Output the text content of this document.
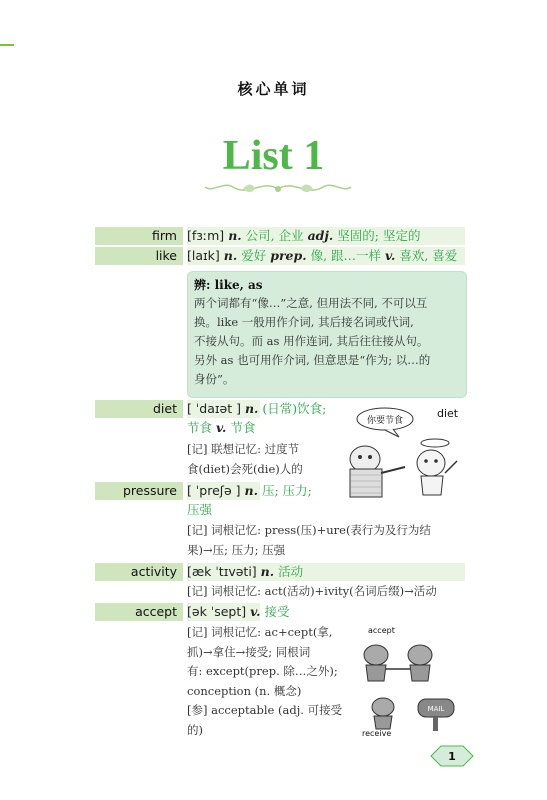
核心单词
List 1
firm [fɜːm] n. 公司, 企业 adj. 坚固的; 坚定的
like [laɪk] n. 爱好 prep. 像, 跟…一样 v. 喜欢, 喜爱
辨: like, as
两个词都有“像…”之意, 但用法不同, 不可以互
换。like 一般用作介词, 其后接名词或代词,
不接从句。而 as 用作连词, 其后往往接从句。
另外 as 也可用作介词, 但意思是“作为; 以…的
身份”。
diet [ ˈdaɪət ] n. (日常)饮食;
节食 v. 节食
[记] 联想记忆: 过度节
食(diet)会死(die)人的
你要节食
diet
pressure [ ˈpreʃə ] n. 压; 压力;
压强
[记] 词根记忆: press(压)+ure(表行为及行为结
果)→压; 压力; 压强
activity [æk ˈtɪvəti] n. 活动
[记] 词根记忆: act(活动)+ivity(名词后缀)→活动
accept [ək ˈsept] v. 接受
[记] 词根记忆: ac+cept(拿,
抓)→拿住→接受; 同根词
有: except(prep. 除…之外);
conception (n. 概念)
[参] acceptable (adj. 可接受
的)
accept
MAIL
receive
1
